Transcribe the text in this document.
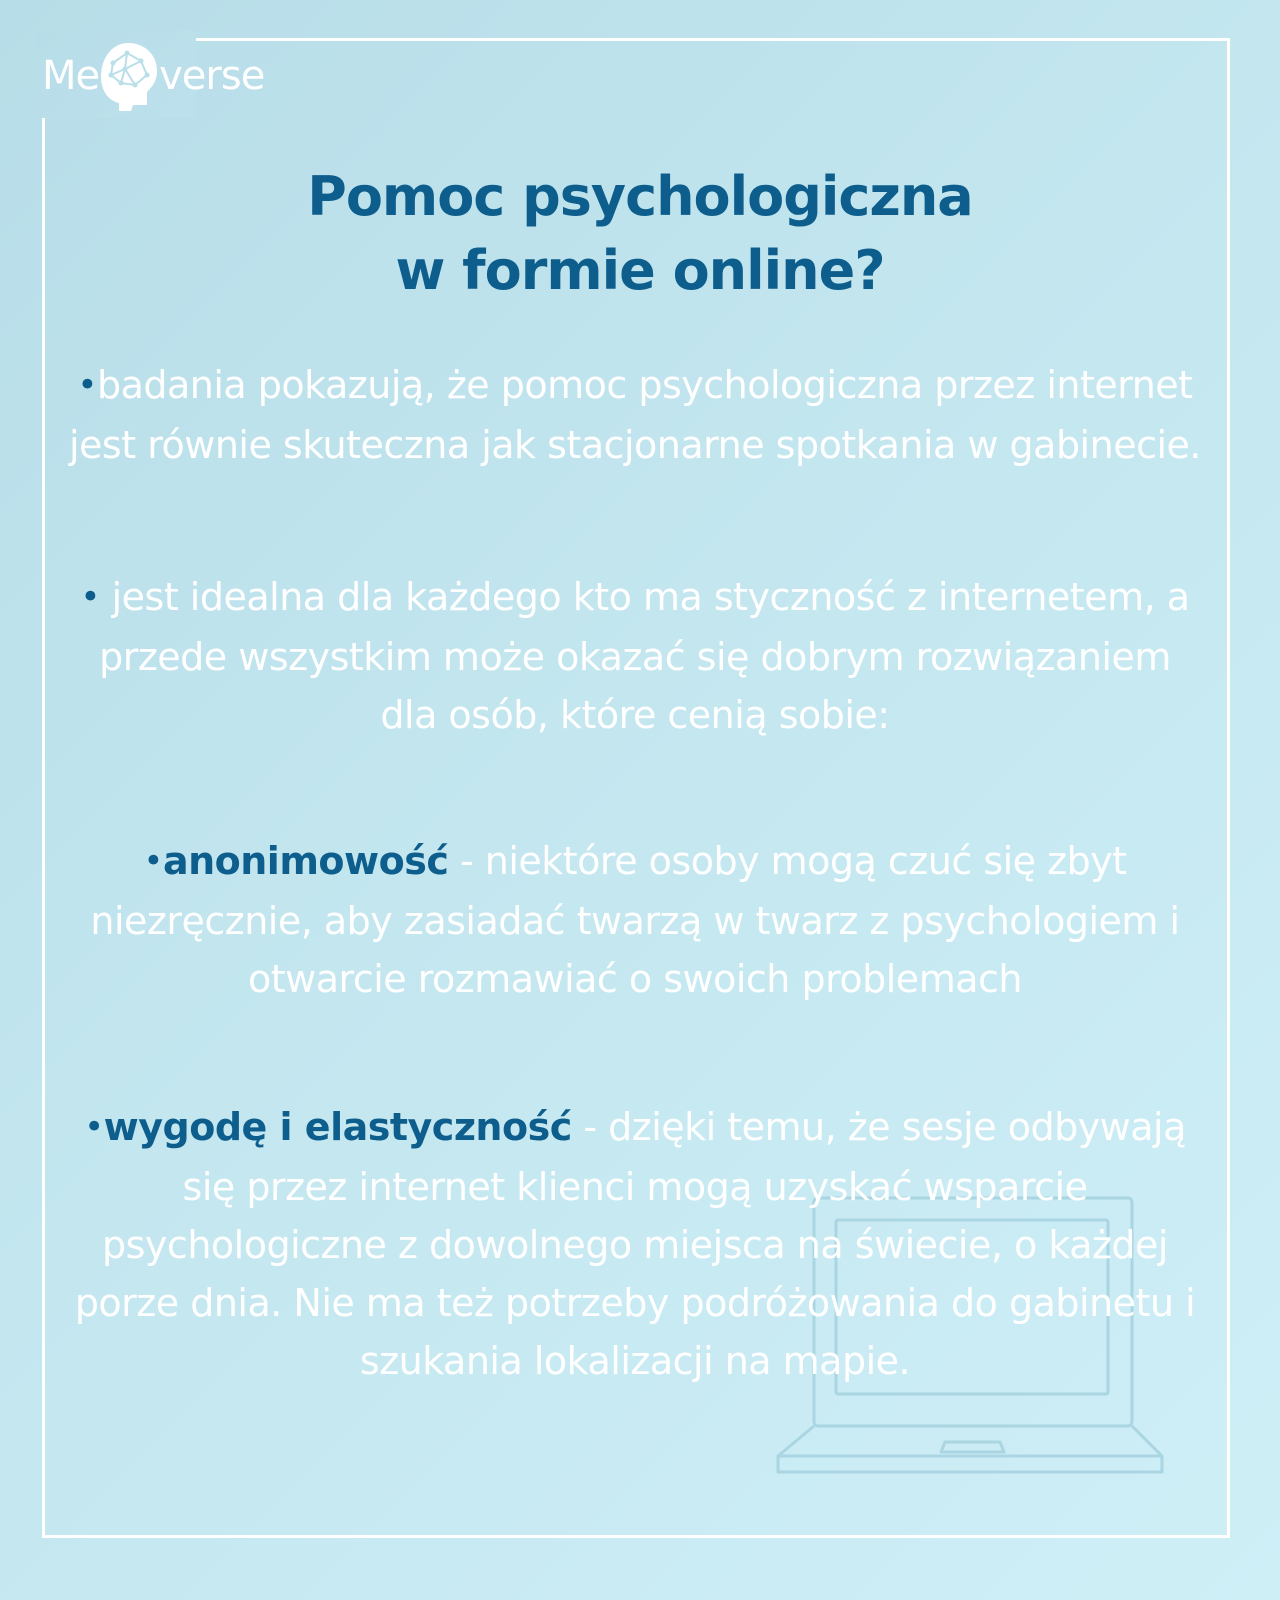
Me verse
Pomoc psychologiczna
w formie online?

•badania pokazują, że pomoc psychologiczna przez internet jest równie skuteczna jak stacjonarne spotkania w gabinecie.

• jest idealna dla każdego kto ma styczność z internetem, a przede wszystkim może okazać się dobrym rozwiązaniem dla osób, które cenią sobie:

•anonimowość - niektóre osoby mogą czuć się zbyt niezręcznie, aby zasiadać twarzą w twarz z psychologiem i otwarcie rozmawiać o swoich problemach

•wygodę i elastyczność - dzięki temu, że sesje odbywają się przez internet klienci mogą uzyskać wsparcie psychologiczne z dowolnego miejsca na świecie, o każdej porze dnia. Nie ma też potrzeby podróżowania do gabinetu i szukania lokalizacji na mapie.
